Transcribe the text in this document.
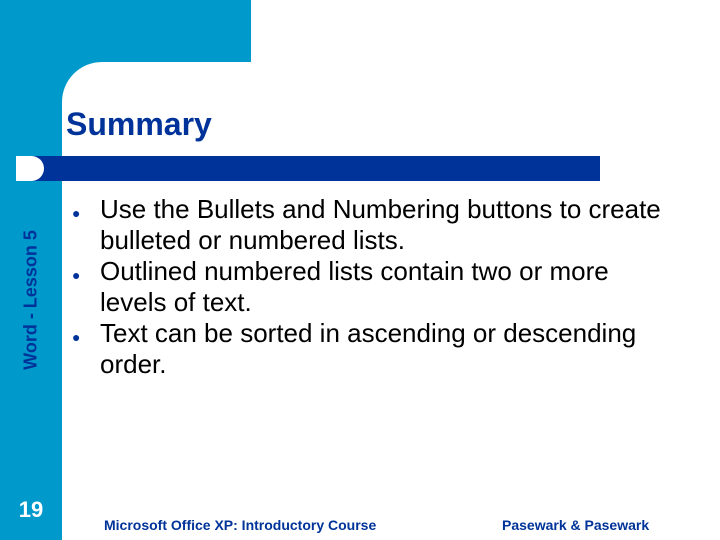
Word - Lesson 5
19
Summary
● Use the Bullets and Numbering buttons to create bulleted or numbered lists.
● Outlined numbered lists contain two or more levels of text.
● Text can be sorted in ascending or descending order.
Microsoft Office XP: Introductory Course	Pasewark & Pasewark
